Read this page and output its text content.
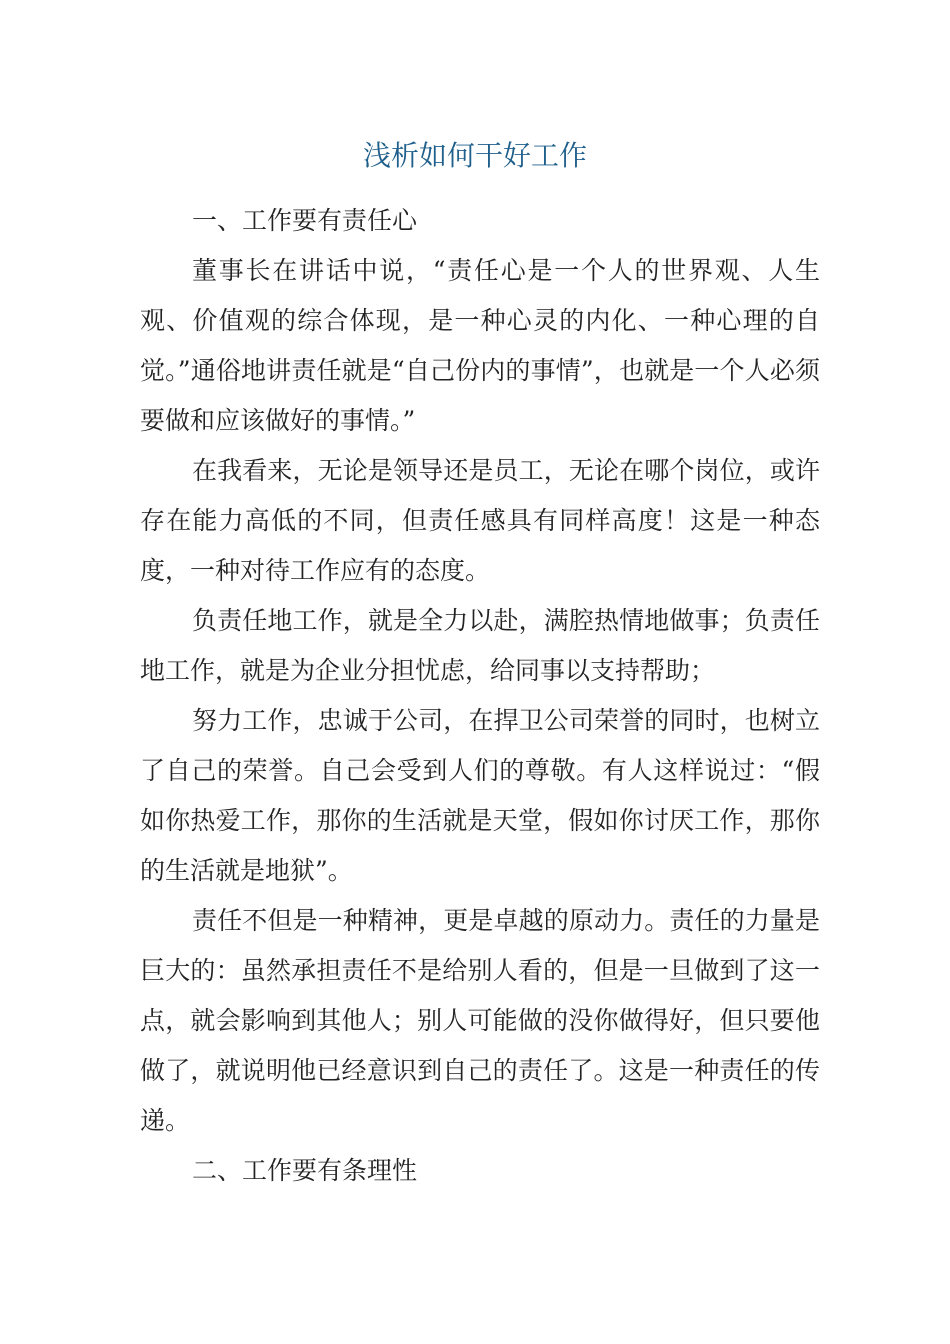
浅析如何干好工作

一、工作要有责任心

董事长在讲话中说，“责任心是一个人的世界观、人生观、价值观的综合体现，是一种心灵的内化、一种心理的自觉。”通俗地讲责任就是“自己份内的事情”，也就是一个人必须要做和应该做好的事情。”

在我看来，无论是领导还是员工，无论在哪个岗位，或许存在能力高低的不同，但责任感具有同样高度！这是一种态度，一种对待工作应有的态度。

负责任地工作，就是全力以赴，满腔热情地做事；负责任地工作，就是为企业分担忧虑，给同事以支持帮助；

努力工作，忠诚于公司，在捍卫公司荣誉的同时，也树立了自己的荣誉。自己会受到人们的尊敬。有人这样说过：“假如你热爱工作，那你的生活就是天堂，假如你讨厌工作，那你的生活就是地狱”。

责任不但是一种精神，更是卓越的原动力。责任的力量是巨大的：虽然承担责任不是给别人看的，但是一旦做到了这一点，就会影响到其他人；别人可能做的没你做得好，但只要他做了，就说明他已经意识到自己的责任了。这是一种责任的传递。

二、工作要有条理性
